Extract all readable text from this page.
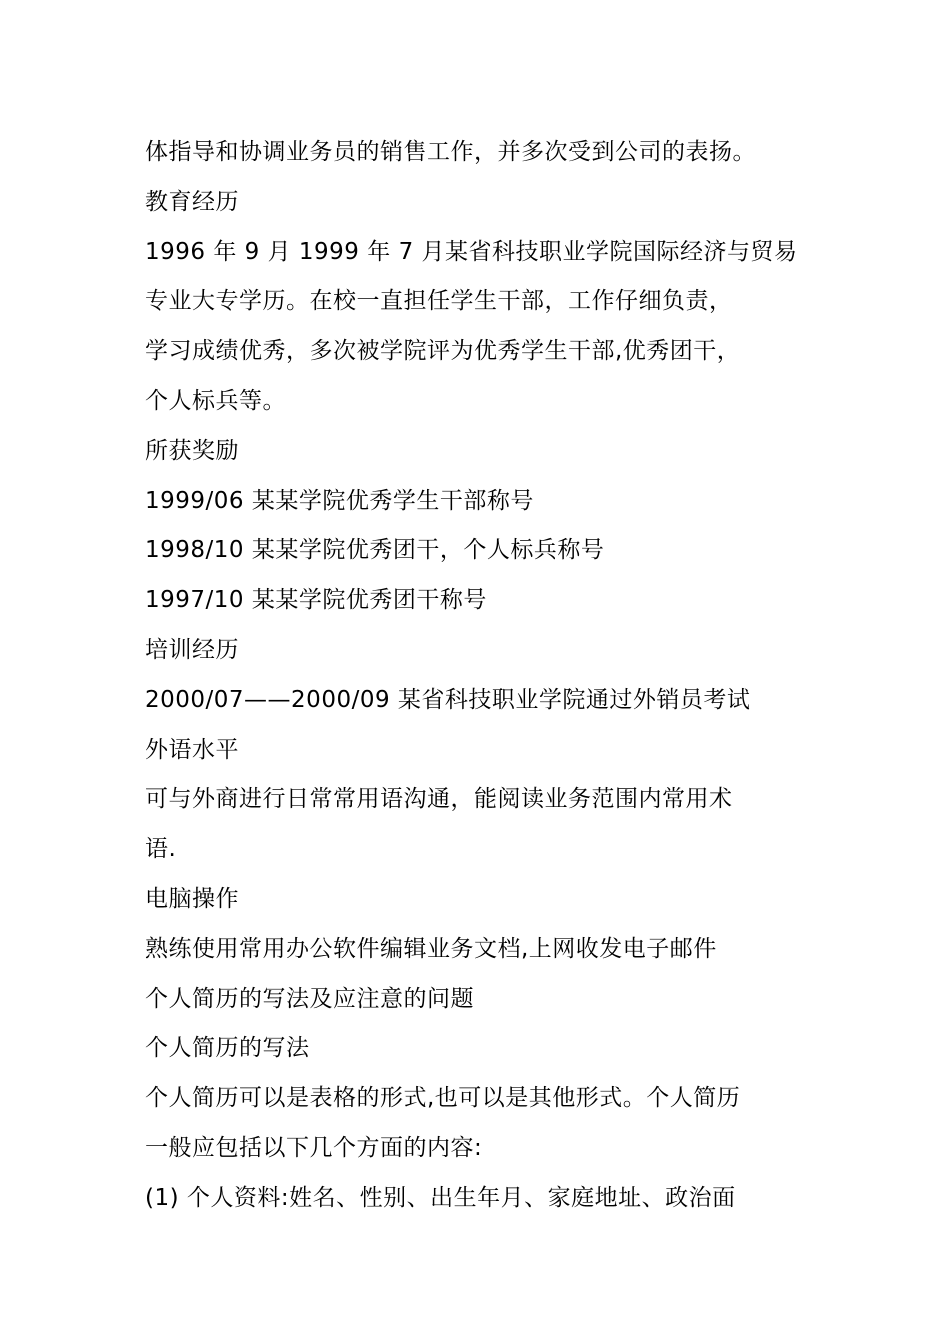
体指导和协调业务员的销售工作，并多次受到公司的表扬。
教育经历
1996 年 9 月 1999 年 7 月某省科技职业学院国际经济与贸易
专业大专学历。在校一直担任学生干部，工作仔细负责，
学习成绩优秀，多次被学院评为优秀学生干部,优秀团干，
个人标兵等。
所获奖励
1999/06 某某学院优秀学生干部称号
1998/10 某某学院优秀团干，个人标兵称号
1997/10 某某学院优秀团干称号
培训经历
2000/07——2000/09 某省科技职业学院通过外销员考试
外语水平
可与外商进行日常常用语沟通，能阅读业务范围内常用术
语.
电脑操作
熟练使用常用办公软件编辑业务文档,上网收发电子邮件
个人简历的写法及应注意的问题
个人简历的写法
个人简历可以是表格的形式,也可以是其他形式。个人简历
一般应包括以下几个方面的内容:
(1) 个人资料:姓名、性别、出生年月、家庭地址、政治面
